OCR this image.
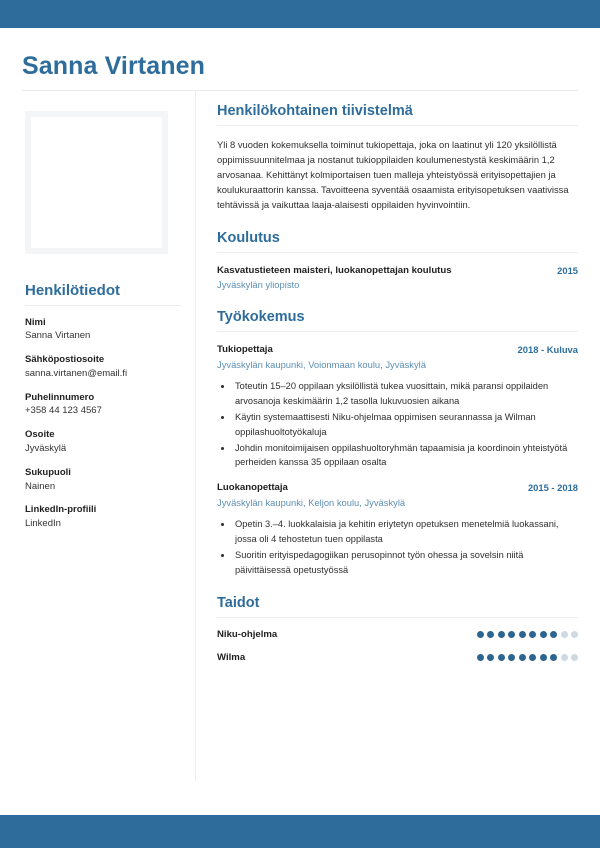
Sanna Virtanen
Henkilötiedot
Nimi
Sanna Virtanen
Sähköpostiosoite
sanna.virtanen@email.fi
Puhelinnumero
+358 44 123 4567
Osoite
Jyväskylä
Sukupuoli
Nainen
LinkedIn-profiili
LinkedIn
Henkilökohtainen tiivistelmä
Yli 8 vuoden kokemuksella toiminut tukiopettaja, joka on laatinut yli 120 yksilöllistä oppimissuunnitelmaa ja nostanut tukioppilaiden koulumenestystä keskimäärin 1,2 arvosanaa. Kehittänyt kolmiportaisen tuen malleja yhteistyössä erityisopettajien ja koulukuraattorin kanssa. Tavoitteena syventää osaamista erityisopetuksen vaativissa tehtävissä ja vaikuttaa laaja-alaisesti oppilaiden hyvinvointiin.
Koulutus
Kasvatustieteen maisteri, luokanopettajan koulutus	2015
Jyväskylän yliopisto
Työkokemus
Tukiopettaja	2018 - Kuluva
Jyväskylän kaupunki, Voionmaan koulu, Jyväskylä
• Toteutin 15–20 oppilaan yksilöllistä tukea vuosittain, mikä paransi oppilaiden arvosanoja keskimäärin 1,2 tasolla lukuvuosien aikana
• Käytin systemaattisesti Niku-ohjelmaa oppimisen seurannassa ja Wilman oppilashuoltotyökaluja
• Johdin monitoimijaisen oppilashuoltoryhmän tapaamisia ja koordinoin yhteistyötä perheiden kanssa 35 oppilaan osalta
Luokanopettaja	2015 - 2018
Jyväskylän kaupunki, Keljon koulu, Jyväskylä
• Opetin 3.–4. luokkalaisia ja kehitin eriytetyn opetuksen menetelmiä luokassani, jossa oli 4 tehostetun tuen oppilasta
• Suoritin erityispedagogiikan perusopinnot työn ohessa ja sovelsin niitä päivittäisessä opetustyössä
Taidot
Niku-ohjelma
Wilma
